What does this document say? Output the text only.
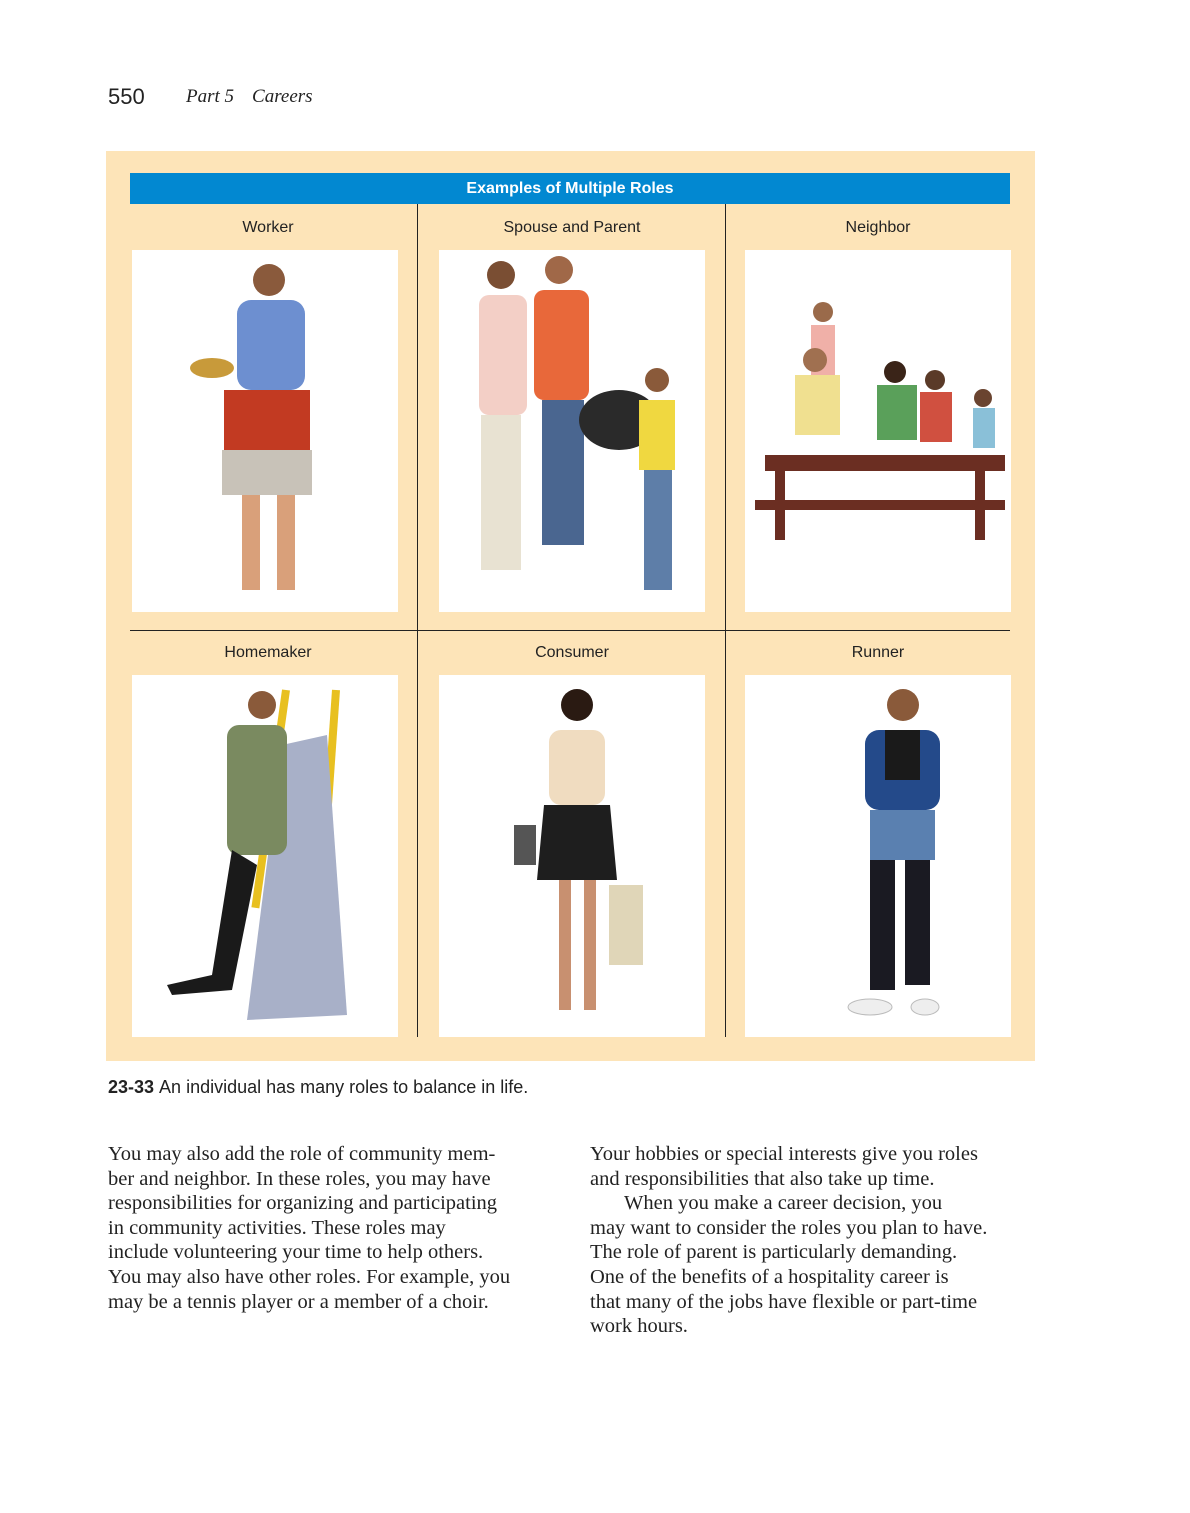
550 Part 5 Careers
Examples of Multiple Roles
Worker	Spouse and Parent	Neighbor
Homemaker	Consumer	Runner
23-33 An individual has many roles to balance in life.
You may also add the role of community mem-
ber and neighbor. In these roles, you may have
responsibilities for organizing and participating
in community activities. These roles may
include volunteering your time to help others.
You may also have other roles. For example, you
may be a tennis player or a member of a choir.
Your hobbies or special interests give you roles
and responsibilities that also take up time.
When you make a career decision, you
may want to consider the roles you plan to have.
The role of parent is particularly demanding.
One of the benefits of a hospitality career is
that many of the jobs have flexible or part-time
work hours.
